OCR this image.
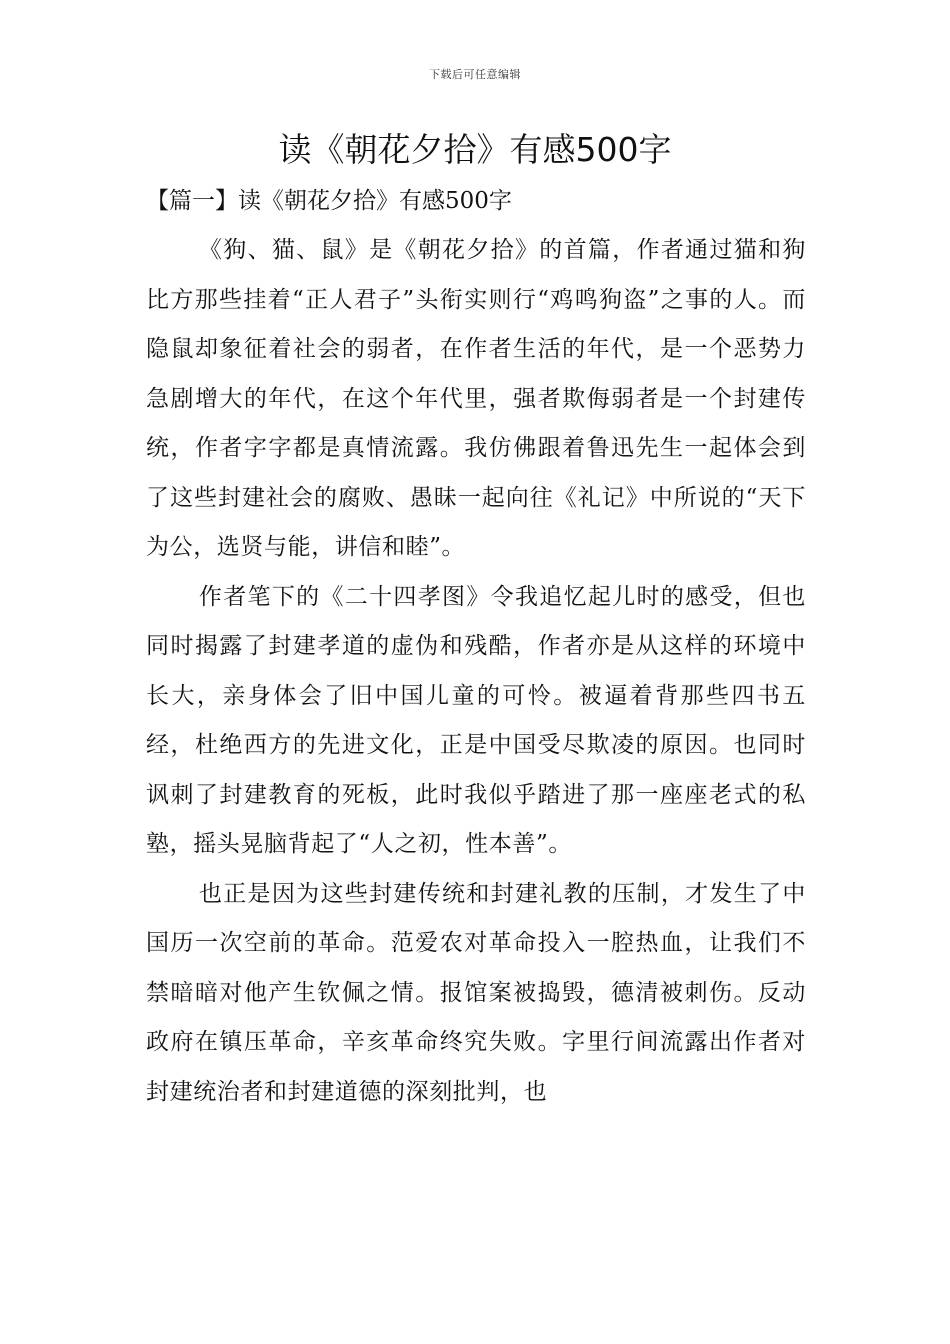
下载后可任意编辑
读《朝花夕拾》有感500字

【篇一】读《朝花夕拾》有感500字

《狗、猫、鼠》是《朝花夕拾》的首篇，作者通过猫和狗比方那些挂着“正人君子”头衔实则行“鸡鸣狗盗”之事的人。而隐鼠却象征着社会的弱者，在作者生活的年代，是一个恶势力急剧增大的年代，在这个年代里，强者欺侮弱者是一个封建传统，作者字字都是真情流露。我仿佛跟着鲁迅先生一起体会到了这些封建社会的腐败、愚昧一起向往《礼记》中所说的“天下为公，选贤与能，讲信和睦”。

作者笔下的《二十四孝图》令我追忆起儿时的感受，但也同时揭露了封建孝道的虚伪和残酷，作者亦是从这样的环境中长大，亲身体会了旧中国儿童的可怜。被逼着背那些四书五经，杜绝西方的先进文化，正是中国受尽欺凌的原因。也同时讽刺了封建教育的死板，此时我似乎踏进了那一座座老式的私塾，摇头晃脑背起了“人之初，性本善”。

也正是因为这些封建传统和封建礼教的压制，才发生了中国历一次空前的革命。范爱农对革命投入一腔热血，让我们不禁暗暗对他产生钦佩之情。报馆案被捣毁，德清被刺伤。反动政府在镇压革命，辛亥革命终究失败。字里行间流露出作者对封建统治者和封建道德的深刻批判，也
